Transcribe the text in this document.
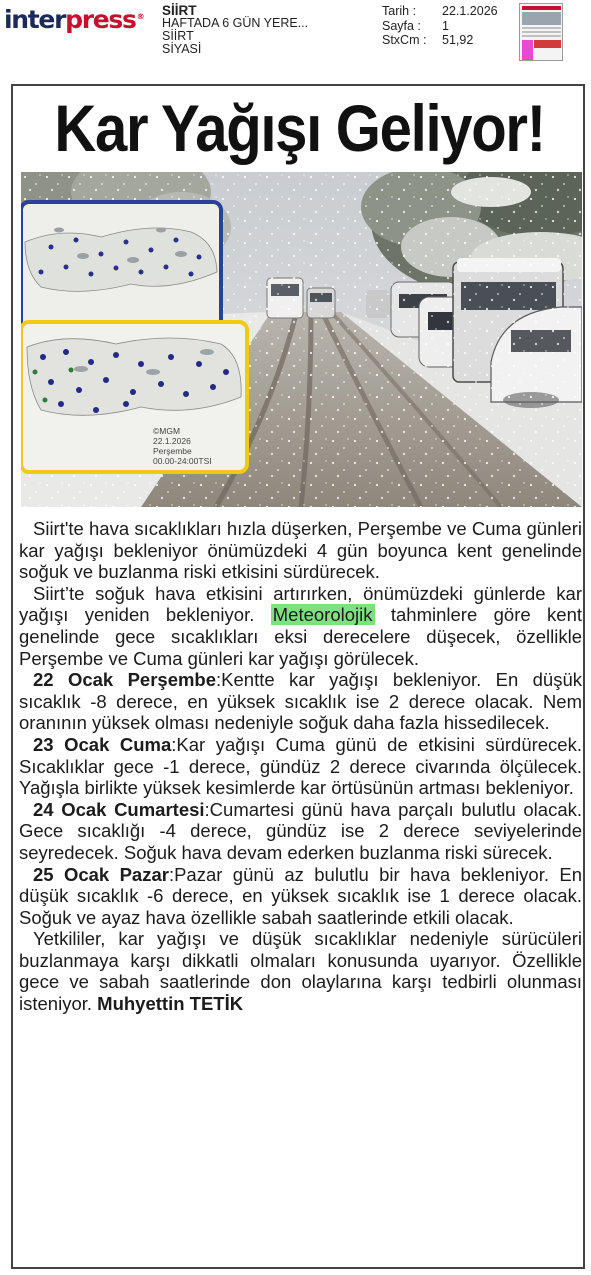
interpress® SİİRT
HAFTADA 6 GÜN YERE...
SİİRT
SİYASİ
Tarih :	22.1.2026
Sayfa :	1
StxCm :	51,92
Kar Yağışı Geliyor!
©MGM
22.1.2026
Perşembe
00.00-24:00TSI

Siirt'te hava sıcaklıkları hızla düşerken, Perşembe ve Cuma günleri kar yağışı bekleniyor önümüzdeki 4 gün boyunca kent genelinde soğuk ve buzlanma riski etkisini sürdürecek.

Siirt’te soğuk hava etkisini artırırken, önümüzdeki günlerde kar yağışı yeniden bekleniyor. Meteorolojik tahminlere göre kent genelinde gece sıcaklıkları eksi derecelere düşecek, özellikle Perşembe ve Cuma günleri kar yağışı görülecek.

22 Ocak Perşembe:Kentte kar yağışı bekleniyor. En düşük sıcaklık -8 derece, en yüksek sıcaklık ise 2 derece olacak. Nem oranının yüksek olması nedeniyle soğuk daha fazla hissedilecek.

23 Ocak Cuma:Kar yağışı Cuma günü de etkisini sürdürecek. Sıcaklıklar gece -1 derece, gündüz 2 derece civarında ölçülecek. Yağışla birlikte yüksek kesimlerde kar örtüsünün artması bekleniyor.

24 Ocak Cumartesi:Cumartesi günü hava parçalı bulutlu olacak. Gece sıcaklığı -4 derece, gündüz ise 2 derece seviyelerinde seyredecek. Soğuk hava devam ederken buzlanma riski sürecek.

25 Ocak Pazar:Pazar günü az bulutlu bir hava bekleniyor. En düşük sıcaklık -6 derece, en yüksek sıcaklık ise 1 derece olacak. Soğuk ve ayaz hava özellikle sabah saatlerinde etkili olacak.

Yetkililer, kar yağışı ve düşük sıcaklıklar nedeniyle sürücüleri buzlanmaya karşı dikkatli olmaları konusunda uyarıyor. Özellikle gece ve sabah saatlerinde don olaylarına karşı tedbirli olunması isteniyor. Muhyettin TETİK
